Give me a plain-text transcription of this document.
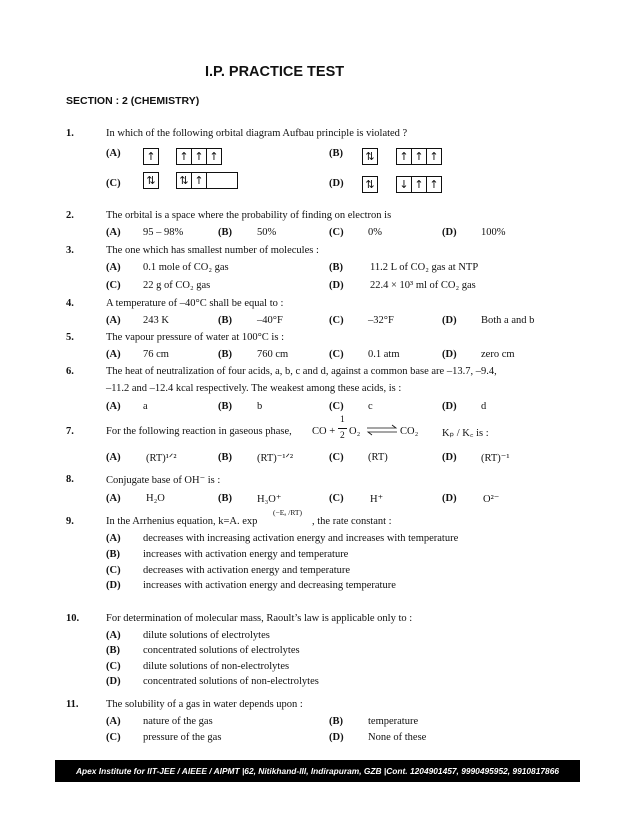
I.P. PRACTICE TEST
SECTION : 2 (CHEMISTRY)
1.	In which of the following orbital diagram Aufbau principle is violated ?
(A) ↑ ↑ ↑ ↑	(B) ⇅ ↑ ↑ ↑
(C) ⇅ ⇅ ↑	(D) ⇅ ↓ ↑ ↑
2.	The orbital is a space where the probability of finding on electron is
(A) 95 – 98%	(B) 50%	(C) 0%	(D) 100%
3.	The one which has smallest number of molecules :
(A) 0.1 mole of CO₂ gas	(B)	11.2 L of CO₂ gas at NTP
(C) 22 g of CO₂ gas	(D)	22.4 × 10³ ml of CO₂ gas
4.	A temperature of –40°C shall be equal to :
(A) 243 K	(B) –40°F	(C) –32°F	(D) Both a and b
5.	The vapour pressure of water at 100°C is :
(A) 76 cm	(B) 760 cm	(C) 0.1 atm	(D) zero cm
6.	The heat of neutralization of four acids, a, b, c and d, against a common base are –13.7, –9.4,
–11.2 and –12.4 kcal respectively. The weakest among these acids, is :
(A) a	(B) b	(C) c	(D) d
7.	For the following reaction in gaseous phase, CO +
1
2 O₂ ⇌ CO₂ Kₚ / K꜀ is :
(A) (RT)¹ᐟ²	(B) (RT)⁻¹ᐟ²	(C) (RT)	(D) (RT)⁻¹
8.	Conjugate base of OH⁻ is :
(A) H₂O	(B) H₃O⁺	(C)	H⁺	(D)	O²⁻
9.	In the Arrhenius equation, k=A. exp
(−Eₐ /RT)
, the rate constant :
(A) decreases with increasing activation energy and increases with temperature
(B) increases with activation energy and temperature
(C) decreases with activation energy and temperature
(D) increases with activation energy and decreasing temperature
10.	For determination of molecular mass, Raoult’s law is applicable only to :
(A) dilute solutions of electrolytes
(B) concentrated solutions of electrolytes
(C) dilute solutions of non-electrolytes
(D) concentrated solutions of non-electrolytes
11.	The solubility of a gas in water depends upon :
(A) nature of the gas	(B) temperature
(C) pressure of the gas	(D) None of these
Apex Institute for IIT-JEE / AIEEE / AIPMT |62, Nitikhand-III, Indirapuram, GZB |Cont. 1204901457, 9990495952, 9910817866
